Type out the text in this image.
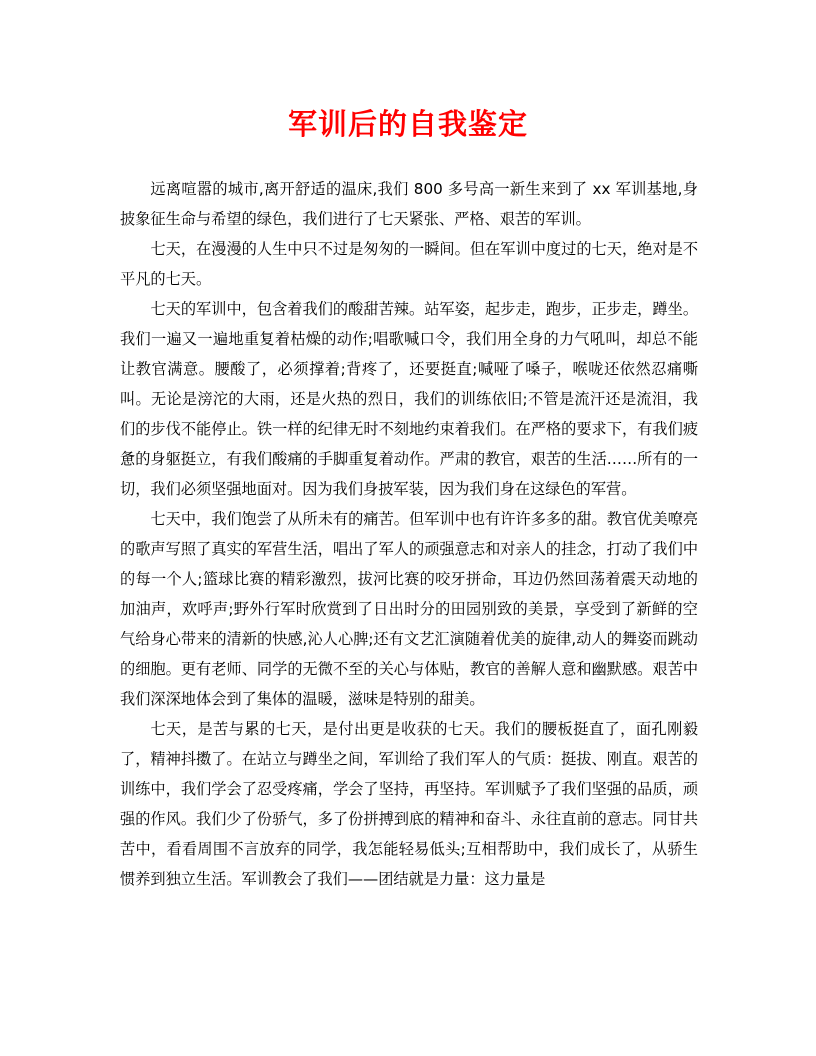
军训后的自我鉴定

远离喧嚣的城市,离开舒适的温床,我们 800 多号高一新生来到了 xx 军训基地,身披象征生命与希望的绿色，我们进行了七天紧张、严格、艰苦的军训。

七天，在漫漫的人生中只不过是匆匆的一瞬间。但在军训中度过的七天，绝对是不平凡的七天。

七天的军训中，包含着我们的酸甜苦辣。站军姿，起步走，跑步，正步走，蹲坐。我们一遍又一遍地重复着枯燥的动作;唱歌喊口令，我们用全身的力气吼叫，却总不能让教官满意。腰酸了，必须撑着;背疼了，还要挺直;喊哑了嗓子，喉咙还依然忍痛嘶叫。无论是滂沱的大雨，还是火热的烈日，我们的训练依旧;不管是流汗还是流泪，我们的步伐不能停止。铁一样的纪律无时不刻地约束着我们。在严格的要求下，有我们疲惫的身躯挺立，有我们酸痛的手脚重复着动作。严肃的教官，艰苦的生活……所有的一切，我们必须坚强地面对。因为我们身披军装，因为我们身在这绿色的军营。

七天中，我们饱尝了从所未有的痛苦。但军训中也有许许多多的甜。教官优美嘹亮的歌声写照了真实的军营生活，唱出了军人的顽强意志和对亲人的挂念，打动了我们中的每一个人;篮球比赛的精彩激烈，拔河比赛的咬牙拼命，耳边仍然回荡着震天动地的加油声，欢呼声;野外行军时欣赏到了日出时分的田园别致的美景，享受到了新鲜的空气给身心带来的清新的快感,沁人心脾;还有文艺汇演随着优美的旋律,动人的舞姿而跳动的细胞。更有老师、同学的无微不至的关心与体贴，教官的善解人意和幽默感。艰苦中我们深深地体会到了集体的温暖，滋味是特别的甜美。

七天，是苦与累的七天，是付出更是收获的七天。我们的腰板挺直了，面孔刚毅了，精神抖擞了。在站立与蹲坐之间，军训给了我们军人的气质：挺拔、刚直。艰苦的训练中，我们学会了忍受疼痛，学会了坚持，再坚持。军训赋予了我们坚强的品质，顽强的作风。我们少了份骄气，多了份拼搏到底的精神和奋斗、永往直前的意志。同甘共苦中，看看周围不言放弃的同学，我怎能轻易低头;互相帮助中，我们成长了，从骄生惯养到独立生活。军训教会了我们——团结就是力量：这力量是
